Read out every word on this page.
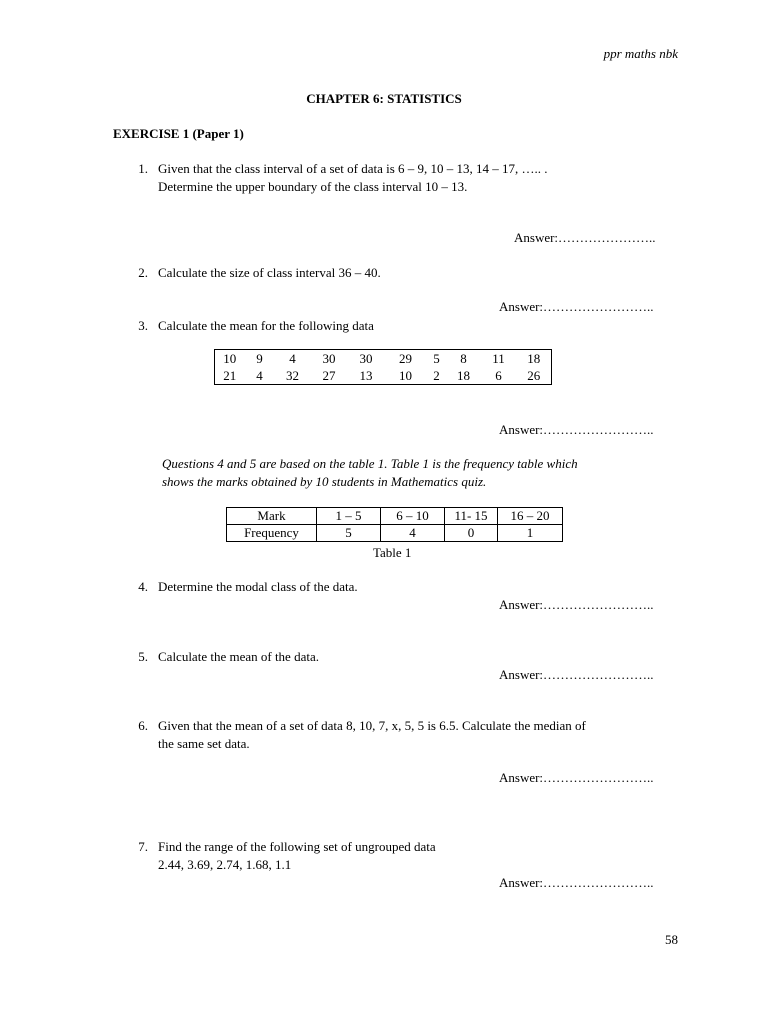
ppr maths nbk
CHAPTER 6: STATISTICS
EXERCISE 1 (Paper 1)
1. Given that the class interval of a set of data is 6 – 9, 10 – 13, 14 – 17, ….. .
Determine the upper boundary of the class interval 10 – 13.
Answer:…………………..
2. Calculate the size of class interval 36 – 40.
Answer:……………………..
3. Calculate the mean for the following data
10	9	4	30	30	29	5	8	11	18
21	4	32	27	13	10	2	18	6	26
Answer:……………………..
Questions 4 and 5 are based on the table 1. Table 1 is the frequency table which
shows the marks obtained by 10 students in Mathematics quiz.
Mark	1 – 5	6 – 10	11- 15	16 – 20
Frequency	5	4	0	1
Table 1
4. Determine the modal class of the data.
Answer:……………………..
5. Calculate the mean of the data.
Answer:……………………..
6. Given that the mean of a set of data 8, 10, 7, x, 5, 5 is 6.5. Calculate the median of
the same set data.
Answer:……………………..
7. Find the range of the following set of ungrouped data
2.44, 3.69, 2.74, 1.68, 1.1
Answer:……………………..
58
